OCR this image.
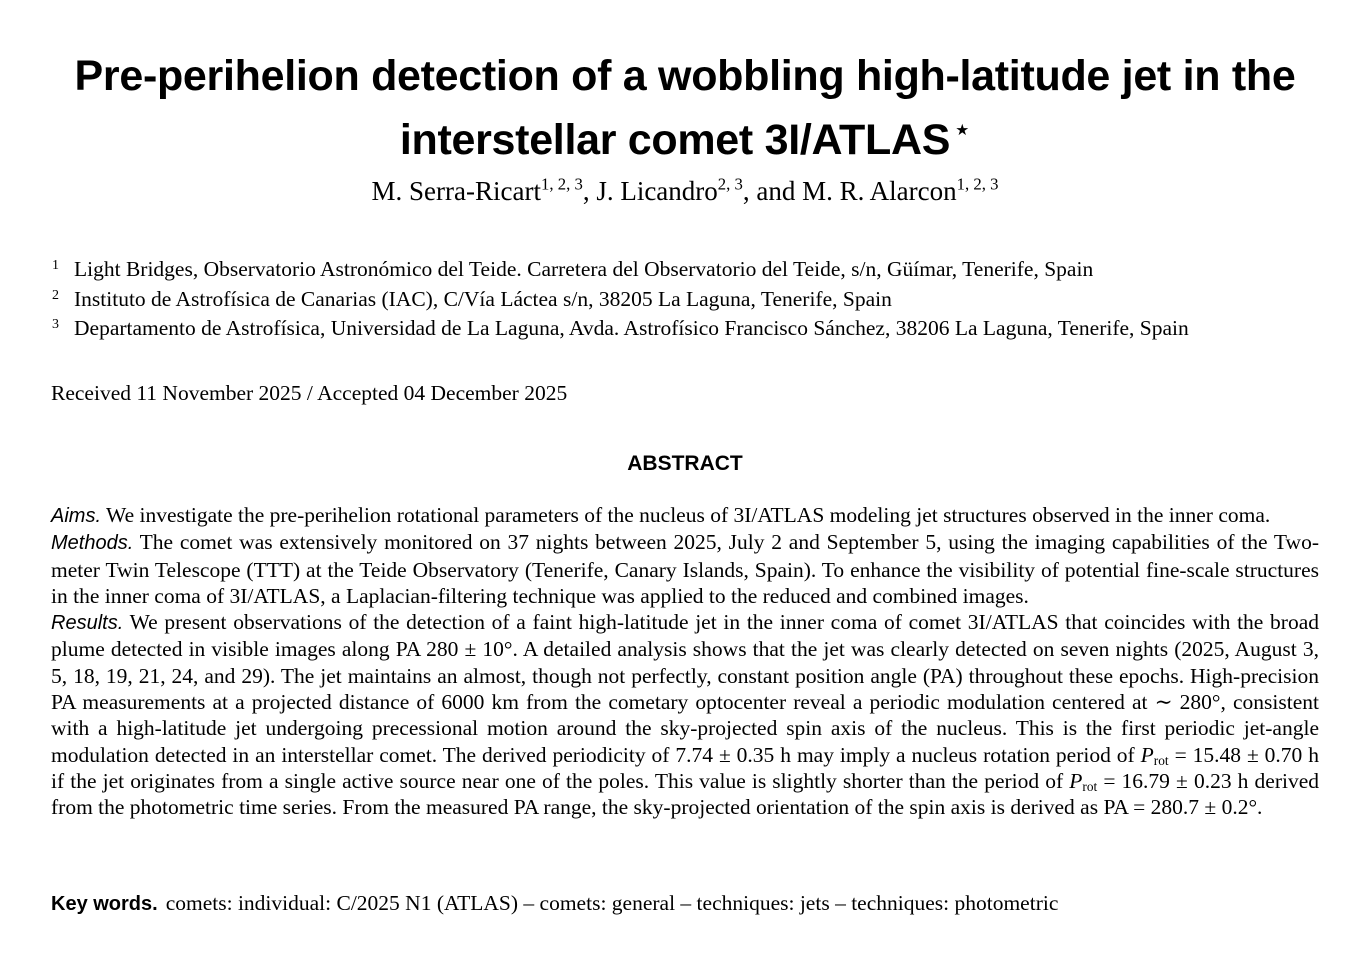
Pre-perihelion detection of a wobbling high-latitude jet in the interstellar comet 3I/ATLAS ⋆
M. Serra-Ricart$^{1, 2, 3}$, J. Licandro$^{2, 3}$, and M. R. Alarcon$^{1, 2, 3}$
1 Light Bridges, Observatorio Astronómico del Teide. Carretera del Observatorio del Teide, s/n, Güímar, Tenerife, Spain
2 Instituto de Astrofísica de Canarias (IAC), C/Vía Láctea s/n, 38205 La Laguna, Tenerife, Spain
3 Departamento de Astrofísica, Universidad de La Laguna, Avda. Astrofísico Francisco Sánchez, 38206 La Laguna, Tenerife, Spain
Received 11 November 2025 / Accepted 04 December 2025
ABSTRACT

Aims. We investigate the pre-perihelion rotational parameters of the nucleus of 3I/ATLAS modeling jet structures observed in the inner coma.

Methods. The comet was extensively monitored on 37 nights between 2025, July 2 and September 5, using the imaging capabilities of the Two-meter Twin Telescope (TTT) at the Teide Observatory (Tenerife, Canary Islands, Spain). To enhance the visibility of potential fine-scale structures in the inner coma of 3I/ATLAS, a Laplacian-filtering technique was applied to the reduced and combined images.

Results. We present observations of the detection of a faint high-latitude jet in the inner coma of comet 3I/ATLAS that coincides with the broad plume detected in visible images along PA 280 ± 10°. A detailed analysis shows that the jet was clearly detected on seven nights (2025, August 3, 5, 18, 19, 21, 24, and 29). The jet maintains an almost, though not perfectly, constant position angle (PA) throughout these epochs. High-precision PA measurements at a projected distance of 6000 km from the cometary optocenter reveal a periodic modulation centered at ∼ 280°, consistent with a high-latitude jet undergoing precessional motion around the sky-projected spin axis of the nucleus. This is the first periodic jet-angle modulation detected in an interstellar comet. The derived periodicity of 7.74 ± 0.35 h may imply a nucleus rotation period of $P_{rot} = 15.48 \pm 0.70$ h if the jet originates from a single active source near one of the poles. This value is slightly shorter than the period of $P_{rot} = 16.79 \pm 0.23$ h derived from the photometric time series. From the measured PA range, the sky-projected orientation of the spin axis is derived as PA = 280.7 ± 0.2°.

Key words. comets: individual: C/2025 N1 (ATLAS) – comets: general – techniques: jets – techniques: photometric
